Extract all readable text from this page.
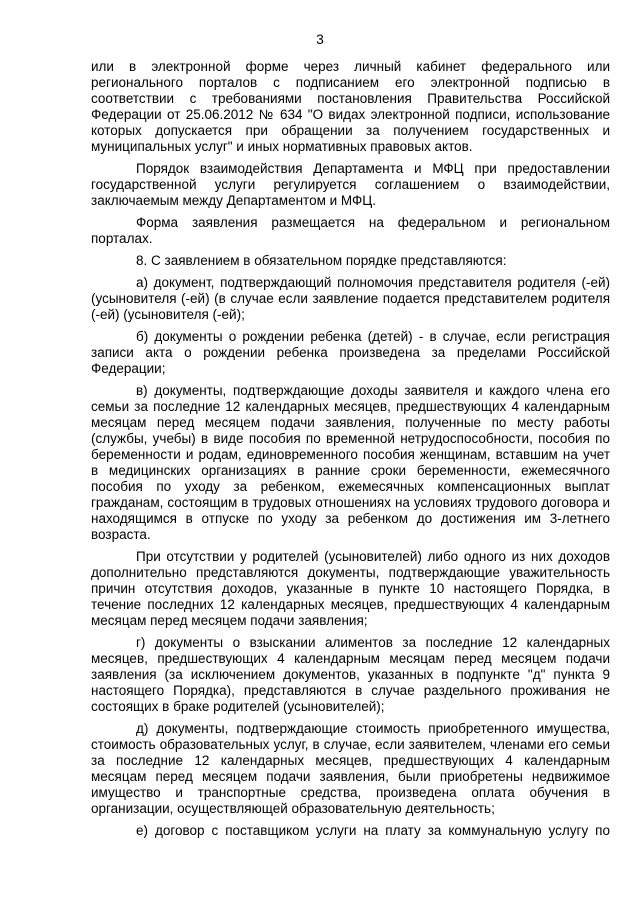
3

или в электронной форме через личный кабинет федерального или регионального порталов с подписанием его электронной подписью в соответствии с требованиями постановления Правительства Российской Федерации от 25.06.2012 № 634 "О видах электронной подписи, использование которых допускается при обращении за получением государственных и муниципальных услуг" и иных нормативных правовых актов.

Порядок взаимодействия Департамента и МФЦ при предоставлении государственной услуги регулируется соглашением о взаимодействии, заключаемым между Департаментом и МФЦ.

Форма заявления размещается на федеральном и региональном порталах.

8. С заявлением в обязательном порядке представляются:

а) документ, подтверждающий полномочия представителя родителя (-ей) (усыновителя (-ей) (в случае если заявление подается представителем родителя (-ей) (усыновителя (-ей);

б) документы о рождении ребенка (детей) - в случае, если регистрация записи акта о рождении ребенка произведена за пределами Российской Федерации;

в) документы, подтверждающие доходы заявителя и каждого члена его семьи за последние 12 календарных месяцев, предшествующих 4 календарным месяцам перед месяцем подачи заявления, полученные по месту работы (службы, учебы) в виде пособия по временной нетрудоспособности, пособия по беременности и родам, единовременного пособия женщинам, вставшим на учет в медицинских организациях в ранние сроки беременности, ежемесячного пособия по уходу за ребенком, ежемесячных компенсационных выплат гражданам, состоящим в трудовых отношениях на условиях трудового договора и находящимся в отпуске по уходу за ребенком до достижения им 3-летнего возраста.

При отсутствии у родителей (усыновителей) либо одного из них доходов дополнительно представляются документы, подтверждающие уважительность причин отсутствия доходов, указанные в пункте 10 настоящего Порядка, в течение последних 12 календарных месяцев, предшествующих 4 календарным месяцам перед месяцем подачи заявления;

г) документы о взыскании алиментов за последние 12 календарных месяцев, предшествующих 4 календарным месяцам перед месяцем подачи заявления (за исключением документов, указанных в подпункте "д" пункта 9 настоящего Порядка), представляются в случае раздельного проживания не состоящих в браке родителей (усыновителей);

д) документы, подтверждающие стоимость приобретенного имущества, стоимость образовательных услуг, в случае, если заявителем, членами его семьи за последние 12 календарных месяцев, предшествующих 4 календарным месяцам перед месяцем подачи заявления, были приобретены недвижимое имущество и транспортные средства, произведена оплата обучения в организации, осуществляющей образовательную деятельность;

е) договор с поставщиком услуги на плату за коммунальную услугу по
